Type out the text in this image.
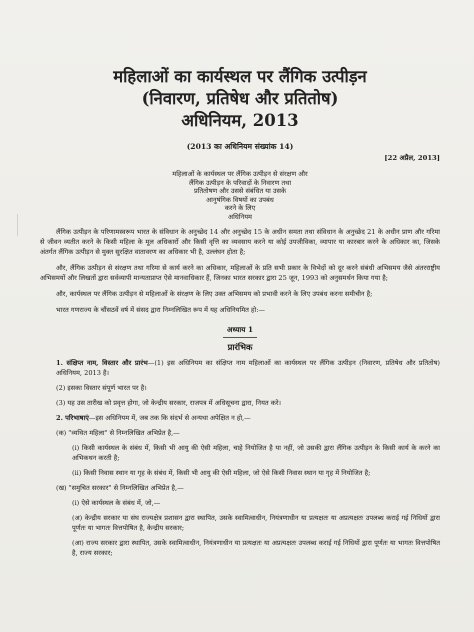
महिलाओं का कार्यस्थल पर लैंगिक उत्पीड़न
(निवारण, प्रतिषेध और प्रतितोष)
अधिनियम, 2013
(2013 का अधिनियम संख्यांक 14)
[22 अप्रैल, 2013]
महिलाओं के कार्यस्थल पर लैंगिक उत्पीड़न से संरक्षण और
लैंगिक उत्पीड़न के परिवादों के निवारण तथा
प्रतितोषण और उससे संबंधित या उसके
आनुषंगिक विषयों का उपबंध
करने के लिए
अधिनियम
लैंगिक उत्पीड़न के परिणामस्वरूप भारत के संविधान के अनुच्छेद 14 और अनुच्छेद 15 के अधीन समता तथा संविधान के अनुच्छेद 21 के अधीन प्राण और गरिमा से जीवन व्यतीत करने के किसी महिला के मूल अधिकारों और किसी वृत्ति का व्यवसाय करने या कोई उपजीविका, व्यापार या कारबार करने के अधिकार का, जिसके अंतर्गत लैंगिक उत्पीड़न से मुक्त सुरक्षित वातावरण का अधिकार भी है, उल्लंघन होता है;
और, लैंगिक उत्पीड़न से संरक्षण तथा गरिमा से कार्य करने का अधिकार, महिलाओं के प्रति सभी प्रकार के विभेदों को दूर करने संबंधी अभिसमय जैसे अंतरराष्ट्रीय अभिसमयों और लिखतों द्वारा सर्वव्यापी मान्यताप्राप्त ऐसे मानवाधिकार हैं, जिनका भारत सरकार द्वारा 25 जून, 1993 को अनुसमर्थन किया गया है;
और, कार्यस्थल पर लैंगिक उत्पीड़न से महिलाओं के संरक्षण के लिए उक्त अभिसमय को प्रभावी करने के लिए उपबंध करना समीचीन है;
भारत गणराज्य के चौंसठवें वर्ष में संसद द्वारा निम्नलिखित रूप में यह अधिनियमित हो:—
अध्याय 1
प्रारंभिक
1. संक्षिप्त नाम, विस्तार और प्रारंभ—(1) इस अधिनियम का संक्षिप्त नाम महिलाओं का कार्यस्थल पर लैंगिक उत्पीड़न (निवारण, प्रतिषेध और प्रतितोष) अधिनियम, 2013 है।
(2) इसका विस्तार संपूर्ण भारत पर है।
(3) यह उस तारीख को प्रवृत्त होगा, जो केन्द्रीय सरकार, राजपत्र में अधिसूचना द्वारा, नियत करे।
2. परिभाषाएं—इस अधिनियम में, जब तक कि संदर्भ से अन्यथा अपेक्षित न हो,—
(क) "व्यथित महिला" से निम्नलिखित अभिप्रेत है,—
(i) किसी कार्यस्थल के संबंध में, किसी भी आयु की ऐसी महिला, चाहे नियोजित है या नहीं, जो उसकी द्वारा लैंगिक उत्पीड़न के किसी कार्य के करने का अभिकथन करती है;
(ii) किसी निवास स्थान या गृह के संबंध में, किसी भी आयु की ऐसी महिला, जो ऐसे किसी निवास स्थान या गृह में नियोजित है;
(ख) "समुचित सरकार" से निम्नलिखित अभिप्रेत है,—
(i) ऐसे कार्यस्थल के संबंध में, जो,—
(अ) केन्द्रीय सरकार या संघ राज्यक्षेत्र प्रशासन द्वारा स्थापित, उसके स्वामित्वाधीन, नियंत्रणाधीन या प्रत्यक्षतः या अप्रत्यक्षतः उपलब्ध कराई गई निधियों द्वारा पूर्णतः या भागतः वित्तपोषित है, केन्द्रीय सरकार;
(आ) राज्य सरकार द्वारा स्थापित, उसके स्वामित्वाधीन, नियंत्रणाधीन या प्रत्यक्षतः या अप्रत्यक्षतः उपलब्ध कराई गई निधियों द्वारा पूर्णतः या भागतः वित्तपोषित है, राज्य सरकार;
